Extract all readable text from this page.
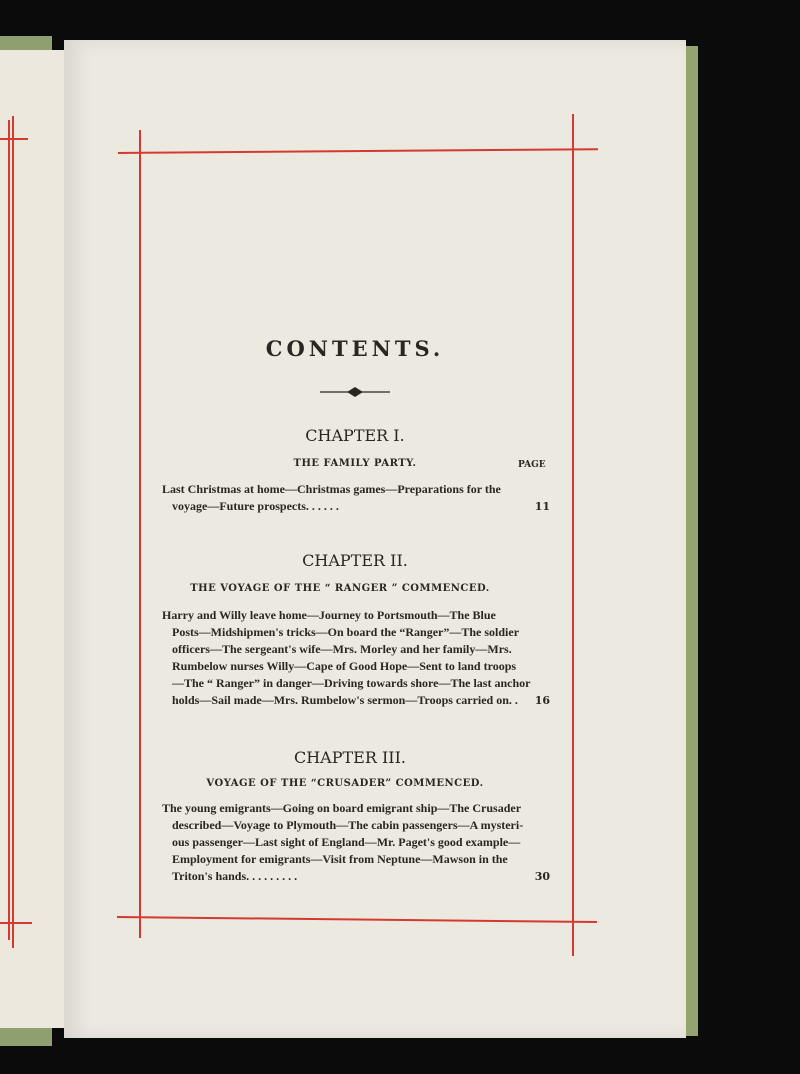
CONTENTS.
CHAPTER I.
THE FAMILY PARTY.	PAGE
Last Christmas at home—Christmas games—Preparations for the
voyage—Future prospects. . . . . .	11
CHAPTER II.
THE VOYAGE OF THE “ RANGER ” COMMENCED.
Harry and Willy leave home—Journey to Portsmouth—The Blue
Posts—Midshipmen's tricks—On board the “Ranger”—The soldier
officers—The sergeant's wife—Mrs. Morley and her family—Mrs.
Rumbelow nurses Willy—Cape of Good Hope—Sent to land troops
—The “ Ranger” in danger—Driving towards shore—The last anchor
holds—Sail made—Mrs. Rumbelow's sermon—Troops carried on. .	16
CHAPTER III.
VOYAGE OF THE “CRUSADER” COMMENCED.
The young emigrants—Going on board emigrant ship—The Crusader
described—Voyage to Plymouth—The cabin passengers—A mysteri-
ous passenger—Last sight of England—Mr. Paget's good example—
Employment for emigrants—Visit from Neptune—Mawson in the
Triton's hands. . . . . . . . .	30
